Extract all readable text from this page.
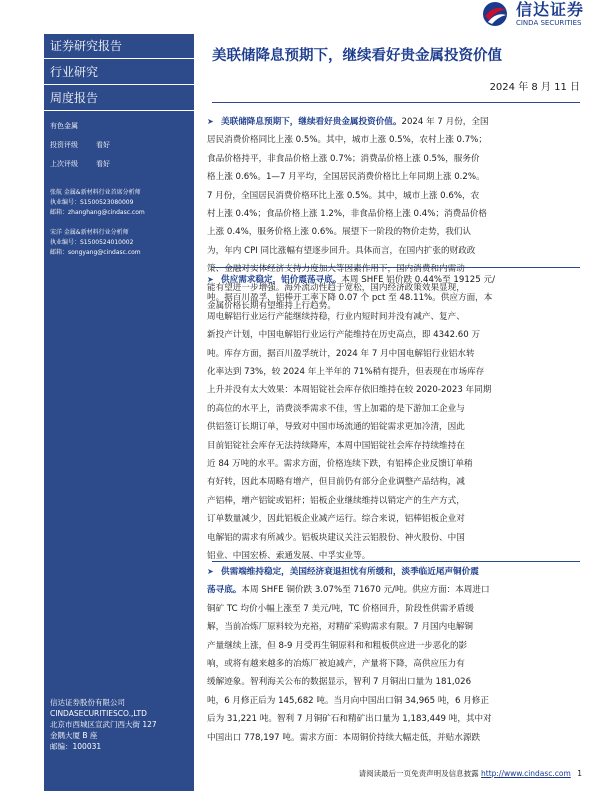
信达证券
CINDA SECURITIES
证券研究报告
行业研究
周度报告
有色金属
投资评级	看好
上次评级	看好
张航 金属&新材料行业首席分析师
执业编号：S1500523080009
邮箱：zhanghang@cindasc.com
宋洋 金属&新材料行业分析师
执业编号：S1500524010002
邮箱：songyang@cindasc.com
信达证券股份有限公司
CINDASECURITIESCO.,LTD
北京市西城区宣武门西大街 127
金隅大厦 B 座
邮编：100031
美联储降息预期下，继续看好贵金属投资价值
2024 年 8 月 11 日
➤ 美联储降息预期下，继续看好贵金属投资价值。2024 年 7 月份，全国
居民消费价格同比上涨 0.5%。其中，城市上涨 0.5%，农村上涨 0.7%；
食品价格持平，非食品价格上涨 0.7%；消费品价格上涨 0.5%，服务价
格上涨 0.6%。1—7 月平均，全国居民消费价格比上年同期上涨 0.2%。
7 月份，全国居民消费价格环比上涨 0.5%。其中，城市上涨 0.6%，农
村上涨 0.4%；食品价格上涨 1.2%，非食品价格上涨 0.4%；消费品价格
上涨 0.4%，服务价格上涨 0.6%。展望下一阶段的物价走势，我们认
为，年内 CPI 同比涨幅有望逐步回升。具体而言，在国内扩张的财政政
策、金融对实体经济支持力度加大等因素作用下，国内消费和内需动
能有望进一步增强。海外流动性趋于宽松，国内经济政策效果显现，
金属价格长期有望维持上行趋势。
➤ 供应需求稳定，铝价震荡寻底。本周 SHFE 铝价跌 0.44%至 19125 元/
吨。据百川盈孚，铝棒开工率下降 0.07 个 pct 至 48.11%。供应方面，本
周电解铝行业运行产能继续持稳，行业内短时间并没有减产、复产、
新投产计划，中国电解铝行业运行产能维持在历史高点，即 4342.60 万
吨。库存方面，据百川盈孚统计，2024 年 7 月中国电解铝行业铝水转
化率达到 73%，较 2024 年上半年的 71%稍有提升，但表现在市场库存
上升并没有太大效果：本周铝锭社会库存依旧维持在较 2020-2023 年同期
的高位的水平上，消费淡季需求不佳，雪上加霜的是下游加工企业与
供铝签订长期订单，导致对中国市场流通的铝锭需求更加冷清，因此
目前铝锭社会库存无法持续降库，本周中国铝锭社会库存持续维持在
近 84 万吨的水平。需求方面，价格连续下跌，有铝棒企业反馈订单稍
有好转，因此本周略有增产，但目前仍有部分企业调整产品结构，减
产铝棒，增产铝锭或铝杆；铝板企业继续维持以销定产的生产方式，
订单数量减少，因此铝板企业减产运行。综合来说，铝棒铝板企业对
电解铝的需求有所减少。铝板块建议关注云铝股份、神火股份、中国
铝业、中国宏桥、索通发展、中孚实业等。
➤ 供需端维持稳定，美国经济衰退担忧有所缓和，淡季临近尾声铜价震
荡寻底。本周 SHFE 铜价跌 3.07%至 71670 元/吨。供应方面：本周进口
铜矿 TC 均价小幅上涨至 7 美元/吨，TC 价格回升，阶段性供需矛盾缓
解，当前冶炼厂原料较为充裕，对精矿采购需求有限。7 月国内电解铜
产量继续上涨，但 8-9 月受再生铜原料和和粗板供应进一步恶化的影
响，或将有越来越多的冶炼厂被迫减产，产量将下降，高供应压力有
缓解迹象。智利海关公布的数据显示，智利 7 月铜出口量为 181,026
吨，6 月修正后为 145,682 吨。当月向中国出口铜 34,965 吨，6 月修正
后为 31,221 吨。智利 7 月铜矿石和精矿出口量为 1,183,449 吨，其中对
中国出口 778,197 吨。需求方面：本周铜价持续大幅走低，并贴水源跌
请阅读最后一页免责声明及信息披露 http://www.cindasc.com 1
